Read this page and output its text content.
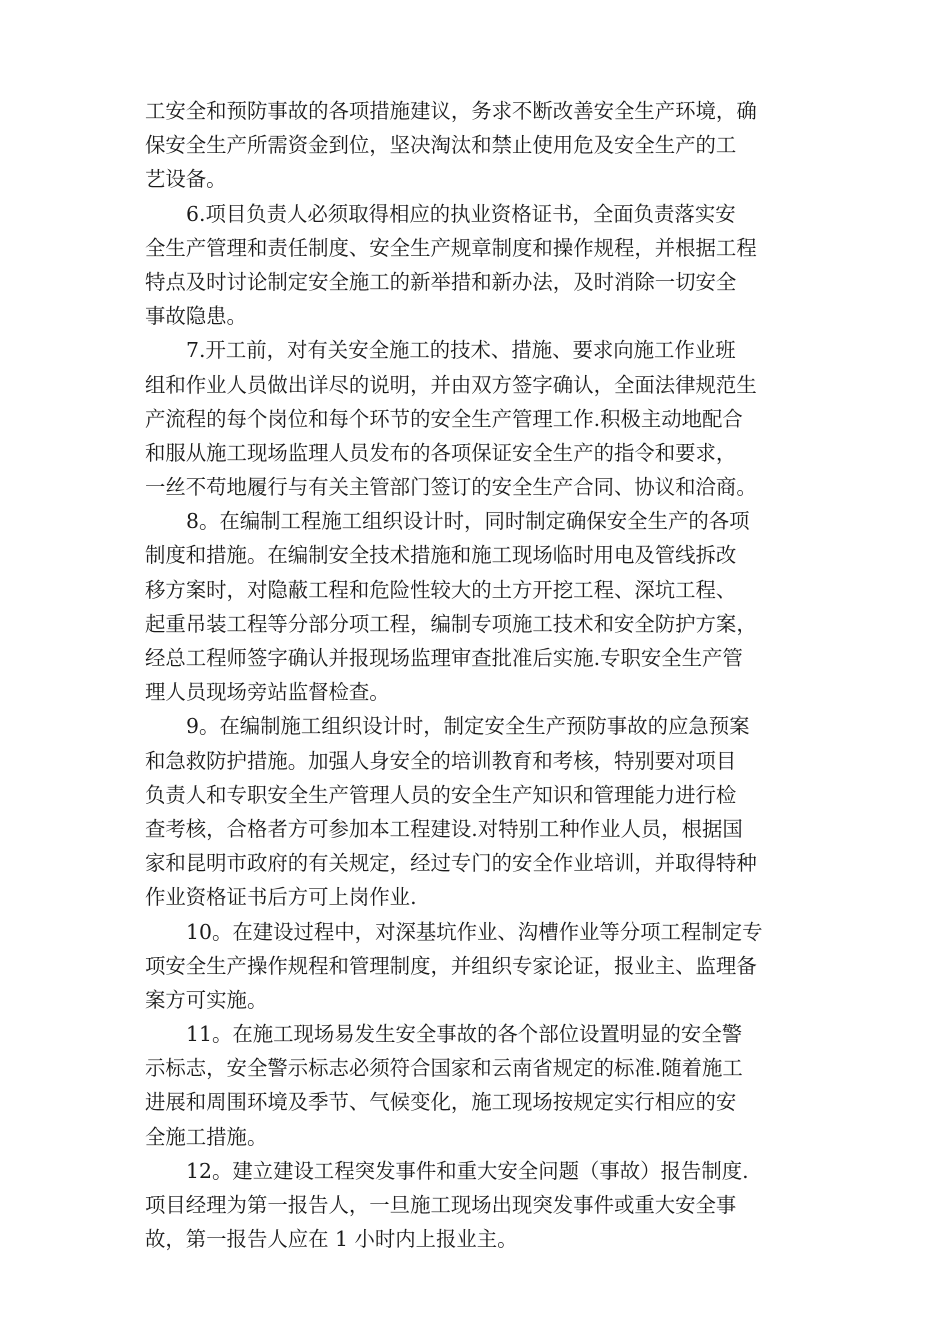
工安全和预防事故的各项措施建议，务求不断改善安全生产环境，确
保安全生产所需资金到位，坚决淘汰和禁止使用危及安全生产的工
艺设备。
6.项目负责人必须取得相应的执业资格证书，全面负责落实安
全生产管理和责任制度、安全生产规章制度和操作规程，并根据工程
特点及时讨论制定安全施工的新举措和新办法，及时消除一切安全
事故隐患。
7.开工前，对有关安全施工的技术、措施、要求向施工作业班
组和作业人员做出详尽的说明，并由双方签字确认，全面法律规范生
产流程的每个岗位和每个环节的安全生产管理工作.积极主动地配合
和服从施工现场监理人员发布的各项保证安全生产的指令和要求，
一丝不苟地履行与有关主管部门签订的安全生产合同、协议和洽商。
8。在编制工程施工组织设计时，同时制定确保安全生产的各项
制度和措施。在编制安全技术措施和施工现场临时用电及管线拆改
移方案时，对隐蔽工程和危险性较大的土方开挖工程、深坑工程、
起重吊装工程等分部分项工程，编制专项施工技术和安全防护方案，
经总工程师签字确认并报现场监理审查批准后实施.专职安全生产管
理人员现场旁站监督检查。
9。在编制施工组织设计时，制定安全生产预防事故的应急预案
和急救防护措施。加强人身安全的培训教育和考核，特别要对项目
负责人和专职安全生产管理人员的安全生产知识和管理能力进行检
查考核，合格者方可参加本工程建设.对特别工种作业人员，根据国
家和昆明市政府的有关规定，经过专门的安全作业培训，并取得特种
作业资格证书后方可上岗作业.
10。在建设过程中，对深基坑作业、沟槽作业等分项工程制定专
项安全生产操作规程和管理制度，并组织专家论证，报业主、监理备
案方可实施。
11。在施工现场易发生安全事故的各个部位设置明显的安全警
示标志，安全警示标志必须符合国家和云南省规定的标准.随着施工
进展和周围环境及季节、气候变化，施工现场按规定实行相应的安
全施工措施。
12。建立建设工程突发事件和重大安全问题（事故）报告制度.
项目经理为第一报告人，一旦施工现场出现突发事件或重大安全事
故，第一报告人应在 1 小时内上报业主。
